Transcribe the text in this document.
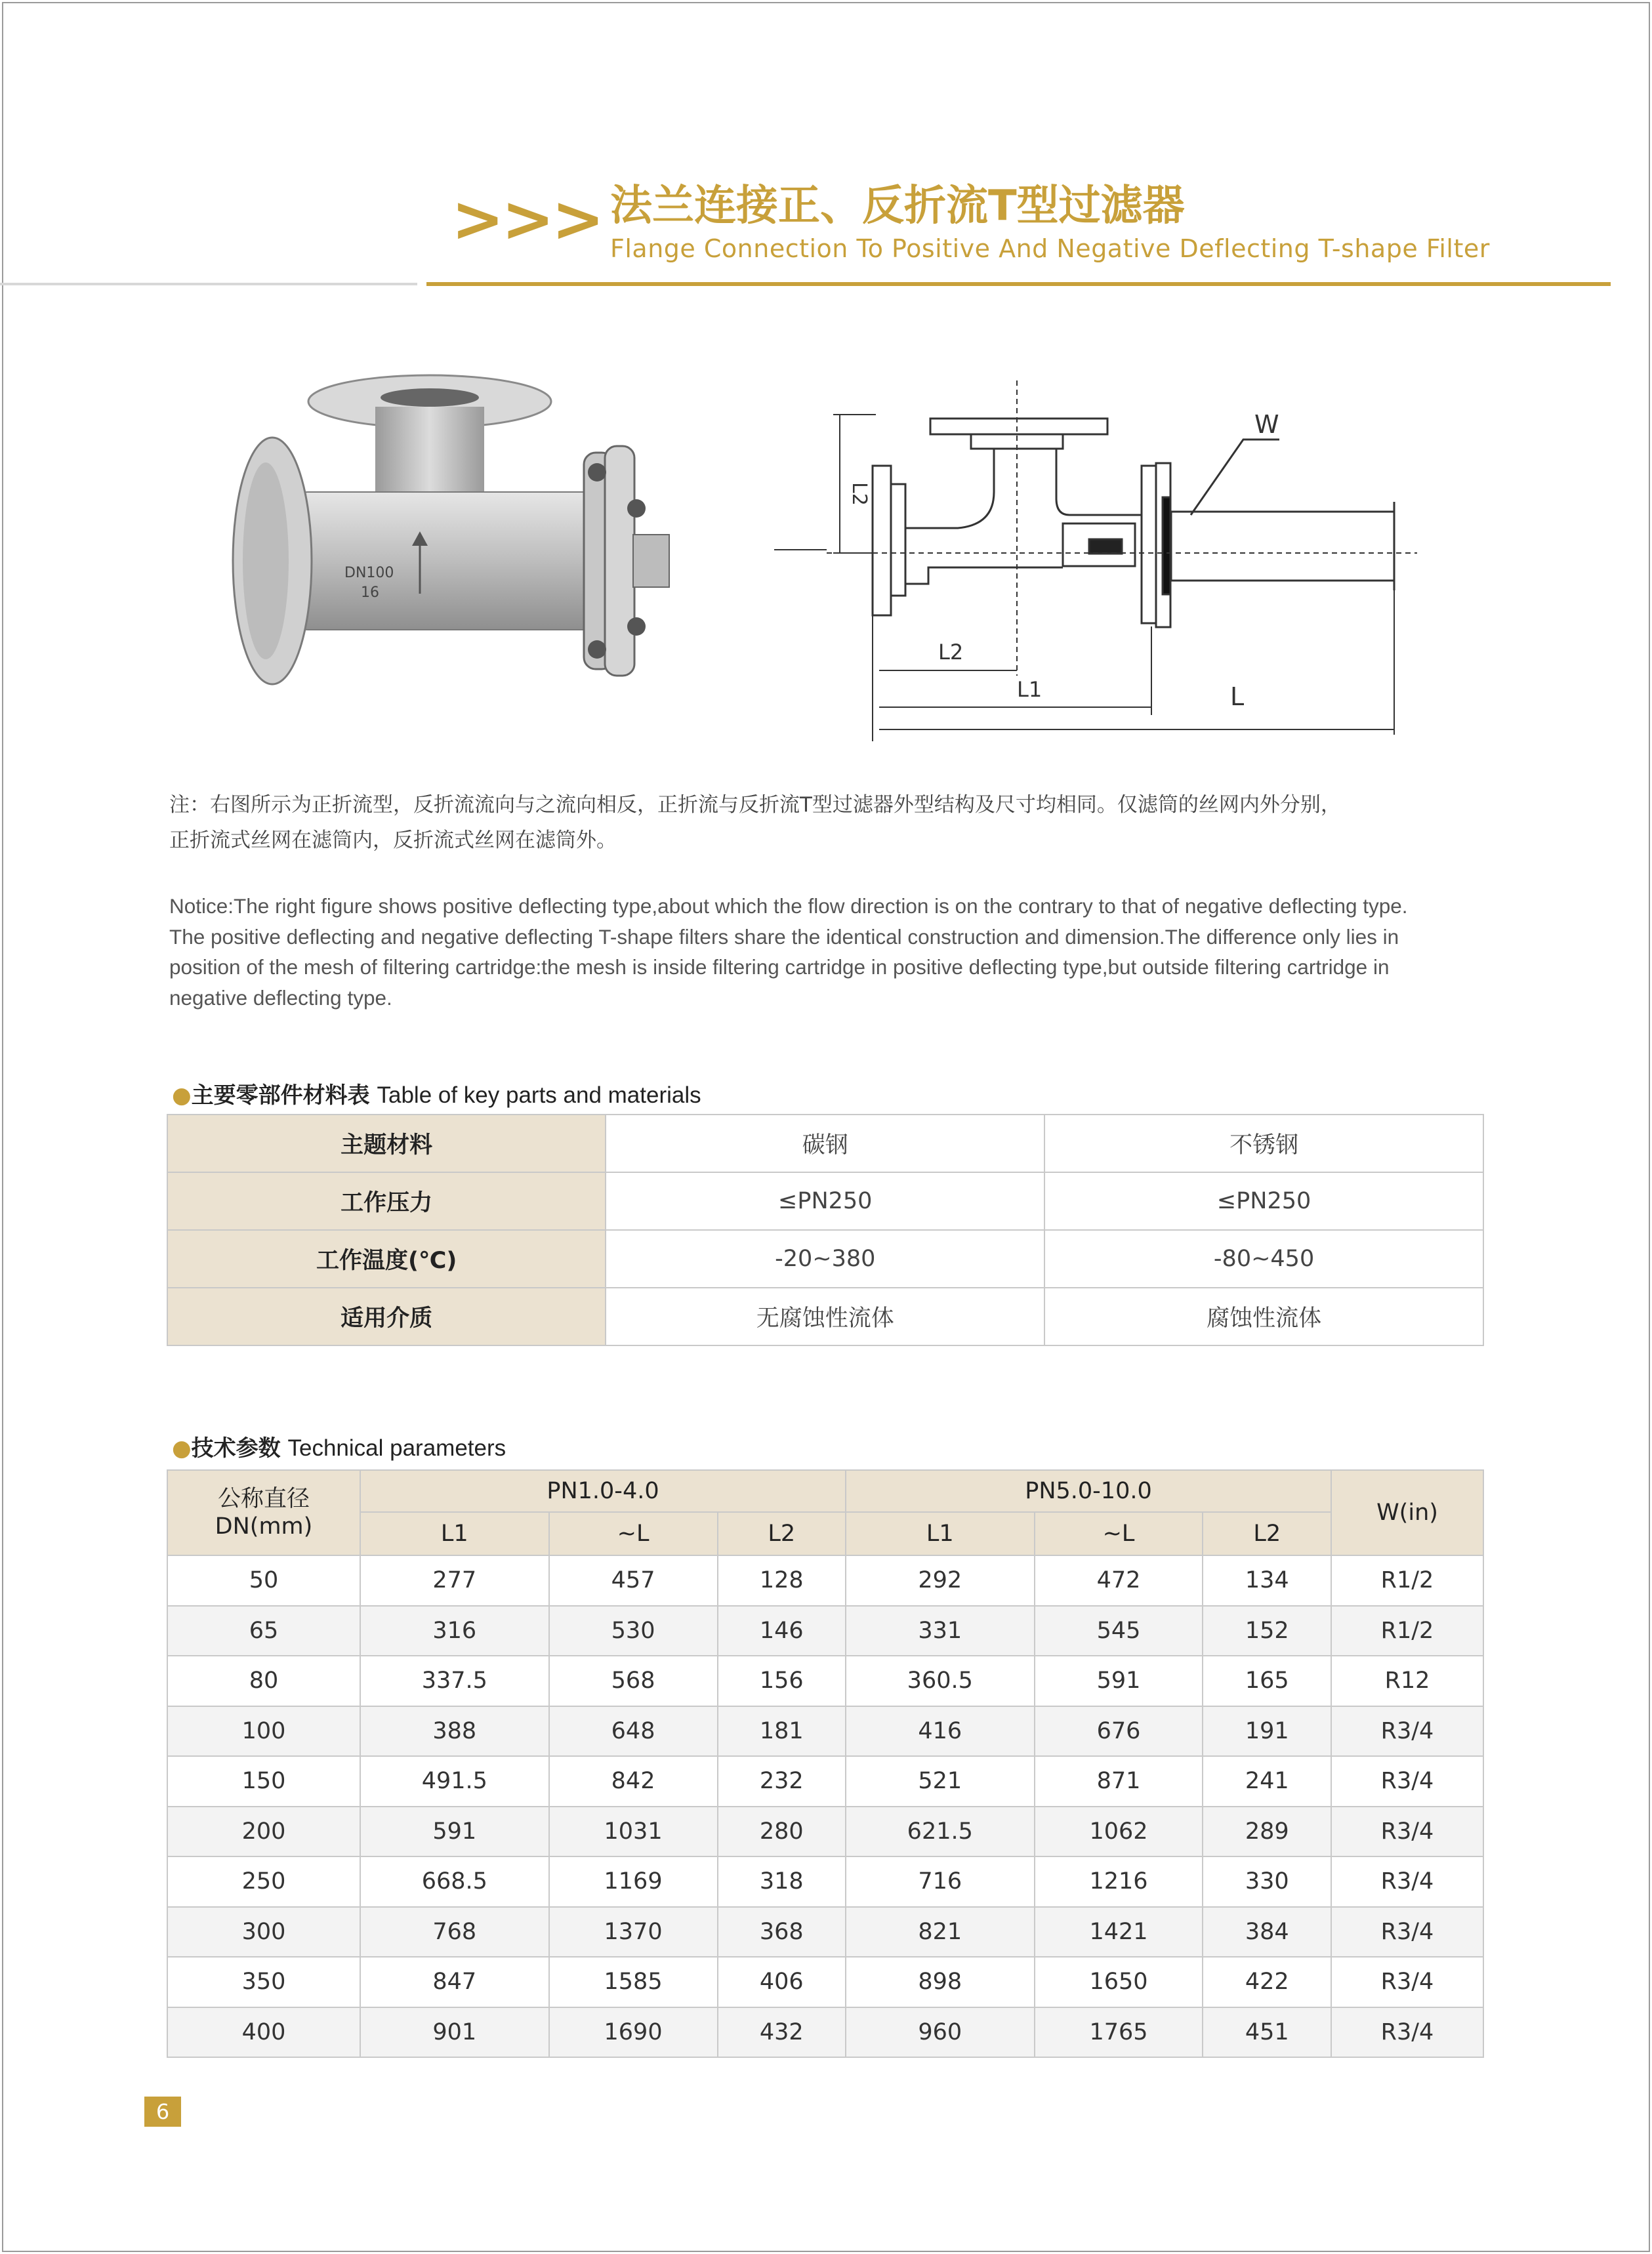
>>> 法兰连接正、反折流T型过滤器
Flange Connection To Positive And Negative Deflecting T-shape Filter
DN100
16
W
L2
L2
L1	L
注：右图所示为正折流型，反折流流向与之流向相反，正折流与反折流T型过滤器外型结构及尺寸均相同。仅滤筒的丝网内外分别，
正折流式丝网在滤筒内，反折流式丝网在滤筒外。
Notice:The right figure shows positive deflecting type,about which the flow direction is on the contrary to that of negative deflecting type.
The positive deflecting and negative deflecting T-shape filters share the identical construction and dimension.The difference only lies in
position of the mesh of filtering cartridge:the mesh is inside filtering cartridge in positive deflecting type,but outside filtering cartridge in
negative deflecting type.
●主要零部件材料表 Table of key parts and materials
主题材料	碳钢	不锈钢
工作压力	≤PN250	≤PN250
工作温度(℃)	-20~380	-80~450
适用介质	无腐蚀性流体	腐蚀性流体
●技术参数 Technical parameters
公称直径
DN(mm)	PN1.0-4.0			PN5.0-10.0			W(in)
	L1	~L	L2	L1	~L	L2	
50	277	457	128	292	472	134	R1/2
65	316	530	146	331	545	152	R1/2
80	337.5	568	156	360.5	591	165	R12
100	388	648	181	416	676	191	R3/4
150	491.5	842	232	521	871	241	R3/4
200	591	1031	280	621.5	1062	289	R3/4
250	668.5	1169	318	716	1216	330	R3/4
300	768	1370	368	821	1421	384	R3/4
350	847	1585	406	898	1650	422	R3/4
400	901	1690	432	960	1765	451	R3/4
6
